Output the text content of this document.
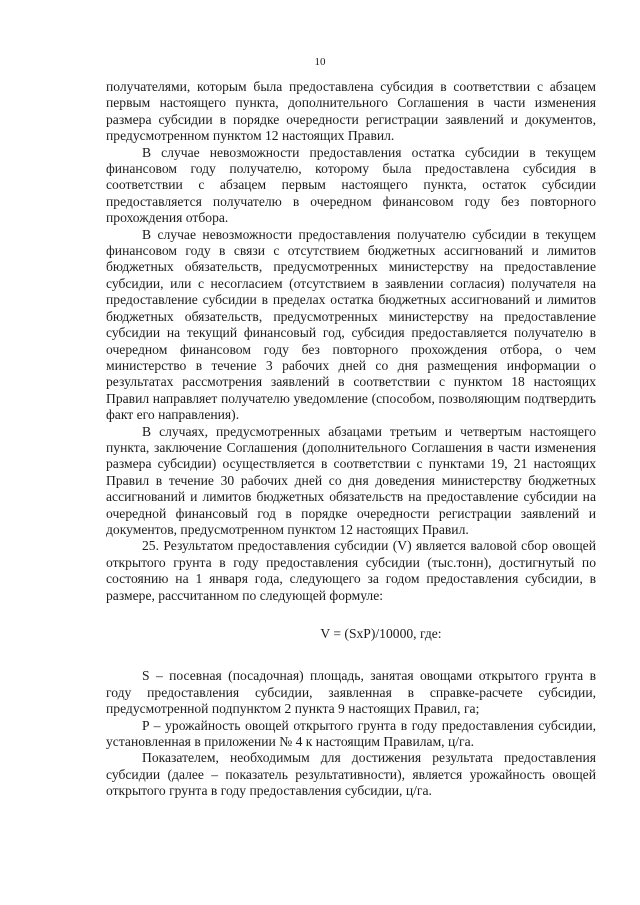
10

получателями, которым была предоставлена субсидия в соответствии с абзацем первым настоящего пункта, дополнительного Соглашения в части изменения размера субсидии в порядке очередности регистрации заявлений и документов, предусмотренном пунктом 12 настоящих Правил.

В случае невозможности предоставления остатка субсидии в текущем финансовом году получателю, которому была предоставлена субсидия в соответствии с абзацем первым настоящего пункта, остаток субсидии предоставляется получателю в очередном финансовом году без повторного прохождения отбора.

В случае невозможности предоставления получателю субсидии в текущем финансовом году в связи с отсутствием бюджетных ассигнований и лимитов бюджетных обязательств, предусмотренных министерству на предоставление субсидии, или с несогласием (отсутствием в заявлении согласия) получателя на предоставление субсидии в пределах остатка бюджетных ассигнований и лимитов бюджетных обязательств, предусмотренных министерству на предоставление субсидии на текущий финансовый год, субсидия предоставляется получателю в очередном финансовом году без повторного прохождения отбора, о чем министерство в течение 3 рабочих дней со дня размещения информации о результатах рассмотрения заявлений в соответствии с пунктом 18 настоящих Правил направляет получателю уведомление (способом, позволяющим подтвердить факт его направления).

В случаях, предусмотренных абзацами третьим и четвертым настоящего пункта, заключение Соглашения (дополнительного Соглашения в части изменения размера субсидии) осуществляется в соответствии с пунктами 19, 21 настоящих Правил в течение 30 рабочих дней со дня доведения министерству бюджетных ассигнований и лимитов бюджетных обязательств на предоставление субсидии на очередной финансовый год в порядке очередности регистрации заявлений и документов, предусмотренном пунктом 12 настоящих Правил.

25. Результатом предоставления субсидии (V) является валовой сбор овощей открытого грунта в году предоставления субсидии (тыс.тонн), достигнутый по состоянию на 1 января года, следующего за годом предоставления субсидии, в размере, рассчитанном по следующей формуле:

V = (SxP)/10000, где:

S – посевная (посадочная) площадь, занятая овощами открытого грунта в году предоставления субсидии, заявленная в справке-расчете субсидии, предусмотренной подпунктом 2 пункта 9 настоящих Правил, га;

P – урожайность овощей открытого грунта в году предоставления субсидии, установленная в приложении № 4 к настоящим Правилам, ц/га.

Показателем, необходимым для достижения результата предоставления субсидии (далее – показатель результативности), является урожайность овощей открытого грунта в году предоставления субсидии, ц/га.
